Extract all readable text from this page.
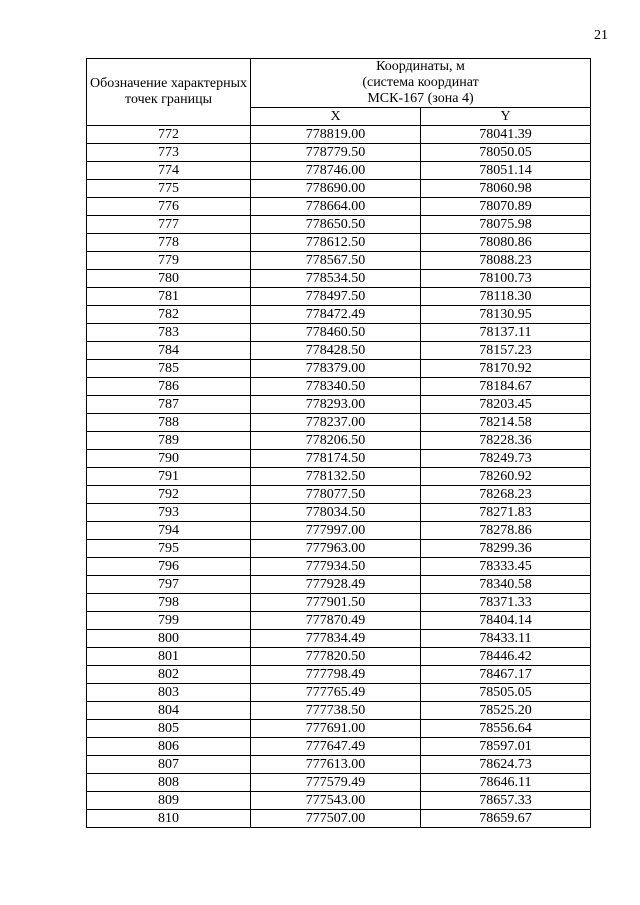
21
Обозначение характерных точек границы	Координаты, м
(система координат
МСК-167 (зона 4)	

	X	Y
772	778819.00	78041.39
773	778779.50	78050.05
774	778746.00	78051.14
775	778690.00	78060.98
776	778664.00	78070.89
777	778650.50	78075.98
778	778612.50	78080.86
779	778567.50	78088.23
780	778534.50	78100.73
781	778497.50	78118.30
782	778472.49	78130.95
783	778460.50	78137.11
784	778428.50	78157.23
785	778379.00	78170.92
786	778340.50	78184.67
787	778293.00	78203.45
788	778237.00	78214.58
789	778206.50	78228.36
790	778174.50	78249.73
791	778132.50	78260.92
792	778077.50	78268.23
793	778034.50	78271.83
794	777997.00	78278.86
795	777963.00	78299.36
796	777934.50	78333.45
797	777928.49	78340.58
798	777901.50	78371.33
799	777870.49	78404.14
800	777834.49	78433.11
801	777820.50	78446.42
802	777798.49	78467.17
803	777765.49	78505.05
804	777738.50	78525.20
805	777691.00	78556.64
806	777647.49	78597.01
807	777613.00	78624.73
808	777579.49	78646.11
809	777543.00	78657.33
810	777507.00	78659.67
